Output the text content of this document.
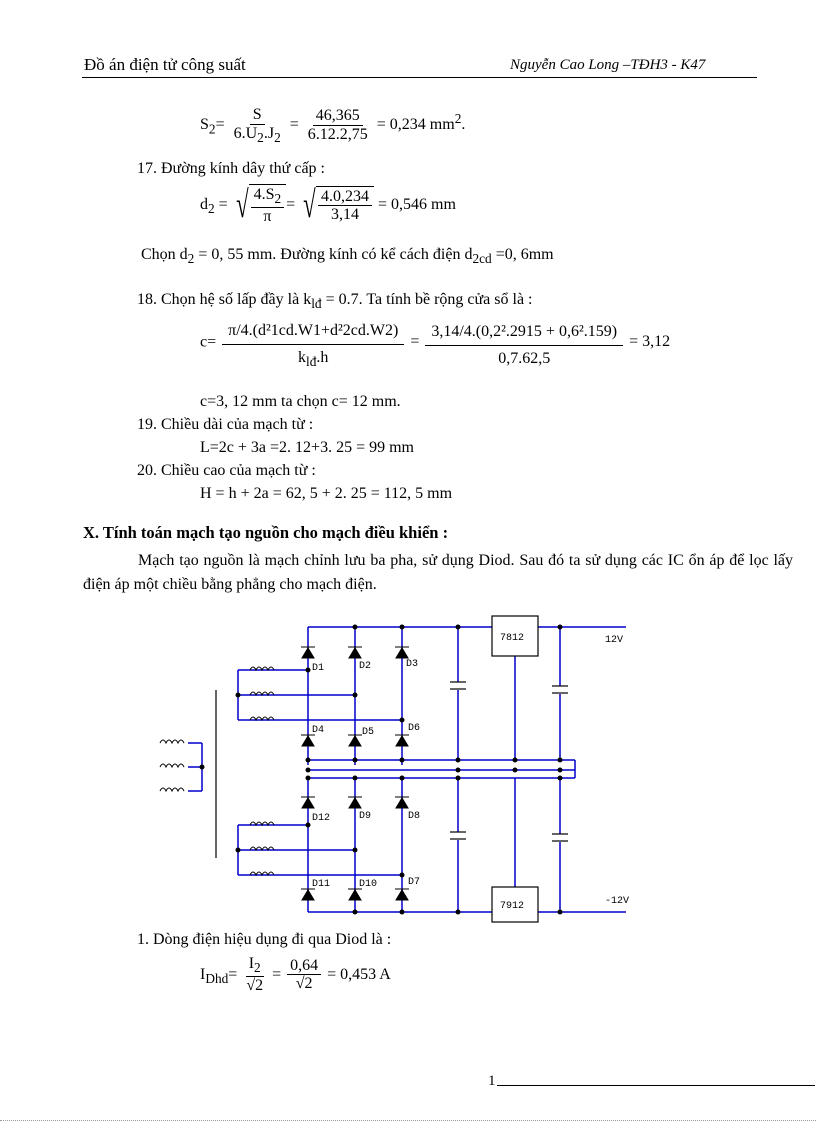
Đồ án điện tử công suất	Nguyễn Cao Long –TĐH3 - K47
$S_2= \frac{S}{6.U_2.J_2} = \frac{46,365}{6.12.2,75} = 0,234$ $mm^2$.
17. Đường kính dây thứ cấp :
$d_2$ = √ $\frac{4.S_2}{\pi}$ = √ $\frac{4.0,234}{3,14} = 0,546$ mm
Chọn $d_2 = 0$, 55 mm. Đường kính có kể cách điện $d_{2cd} =0$, 6mm
18. Chọn hệ số lấp đầy là $k_{lđ} = 0.7$. Ta tính bề rộng cửa sổ là :
$c= \frac{\text{π/4.(d²1cd.W1+d²2cd.W2)}}{k_{lđ}.h} = \frac{\text{3,14/4.(0,2².2915 + 0,6².159)}}{0,7.62,5} = 3,12$
c=3, 12 mm ta chọn c= 12 mm.
19. Chiều dài của mạch từ :
L=2c + 3a =2. 12+3. 25 = 99 mm
20. Chiều cao của mạch từ :
H = h + 2a = 62, 5 + 2. 25 = 112, 5 mm
X. Tính toán mạch tạo nguồn cho mạch điều khiển :
Mạch tạo nguồn là mạch chỉnh lưu ba pha, sử dụng Diod. Sau đó ta sử dụng các IC ổn áp để lọc lấy điện áp một chiều bằng phẳng cho mạch điện.
7812
7912
12V
-12V
D1	D2	D3
D4	D5	D6
D7
D8
D9
D10
D11
D12
1. Dòng điện hiệu dụng đi qua Diod là :
$I_{Dhd}= \frac{I_2}{√2} = \frac{0,64}{√2} = 0,453$ A
1
